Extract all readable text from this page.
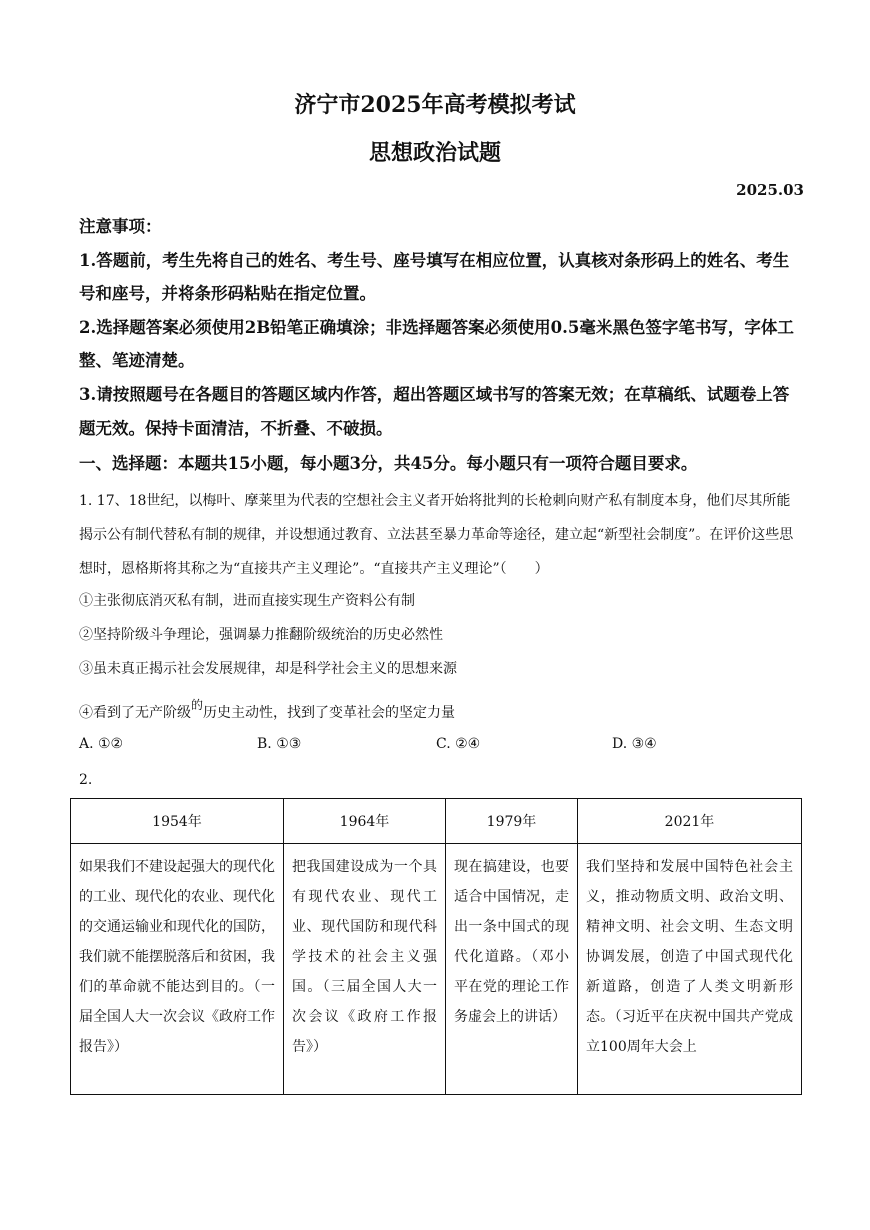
济宁市2025年高考模拟考试
思想政治试题
2025.03

注意事项：

1.答题前，考生先将自己的姓名、考生号、座号填写在相应位置，认真核对条形码上的姓名、考生号和座号，并将条形码粘贴在指定位置。

2.选择题答案必须使用2B铅笔正确填涂；非选择题答案必须使用0.5毫米黑色签字笔书写，字体工整、笔迹清楚。

3.请按照题号在各题目的答题区域内作答，超出答题区域书写的答案无效；在草稿纸、试题卷上答题无效。保持卡面清洁，不折叠、不破损。

一、选择题：本题共15小题，每小题3分，共45分。每小题只有一项符合题目要求。

1. 17、18世纪，以梅叶、摩莱里为代表的空想社会主义者开始将批判的长枪刺向财产私有制度本身，他们尽其所能揭示公有制代替私有制的规律，并设想通过教育、立法甚至暴力革命等途径，建立起“新型社会制度”。在评价这些思想时，恩格斯将其称之为“直接共产主义理论”。“直接共产主义理论”（　　）

①主张彻底消灭私有制，进而直接实现生产资料公有制
②坚持阶级斗争理论，强调暴力推翻阶级统治的历史必然性
③虽未真正揭示社会发展规律，却是科学社会主义的思想来源
④看到了无产阶级的历史主动性，找到了变革社会的坚定力量
A. ①②	B. ①③	C. ②④	D. ③④
2.
1954年	1964年	1979年	2021年
如果我们不建设起强大的现代化的工业、现代化的农业、现代化的交通运输业和现代化的国防，我们就不能摆脱落后和贫困，我们的革命就不能达到目的。（一届全国人大一次会议《政府工作报告》）	把我国建设成为一个具有现代农业、现代工业、现代国防和现代科学技术的社会主义强国。（三届全国人大一次会议《政府工作报告》）	现在搞建设，也要适合中国情况，走出一条中国式的现代化道路。（邓小平在党的理论工作务虚会上的讲话）	我们坚持和发展中国特色社会主义，推动物质文明、政治文明、精神文明、社会文明、生态文明协调发展，创造了中国式现代化新道路，创造了人类文明新形态。（习近平在庆祝中国共产党成立100周年大会上
